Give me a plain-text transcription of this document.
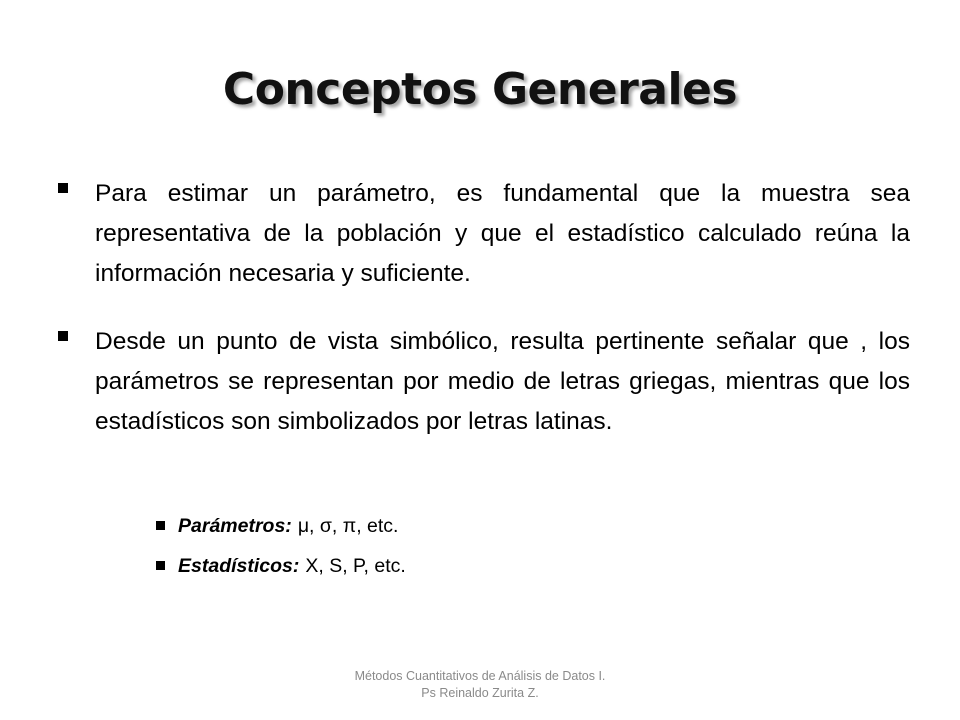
Conceptos Generales
Para estimar un parámetro, es fundamental que la muestra sea representativa de la población y que el estadístico calculado reúna la información necesaria y suficiente.
Desde un punto de vista simbólico, resulta pertinente señalar que , los parámetros se representan por medio de letras griegas, mientras que los estadísticos son simbolizados por letras latinas.
Parámetros: μ, σ, π, etc.
Estadísticos: X, S, P, etc.
Métodos Cuantitativos de Análisis de Datos I.
Ps Reinaldo Zurita Z.
